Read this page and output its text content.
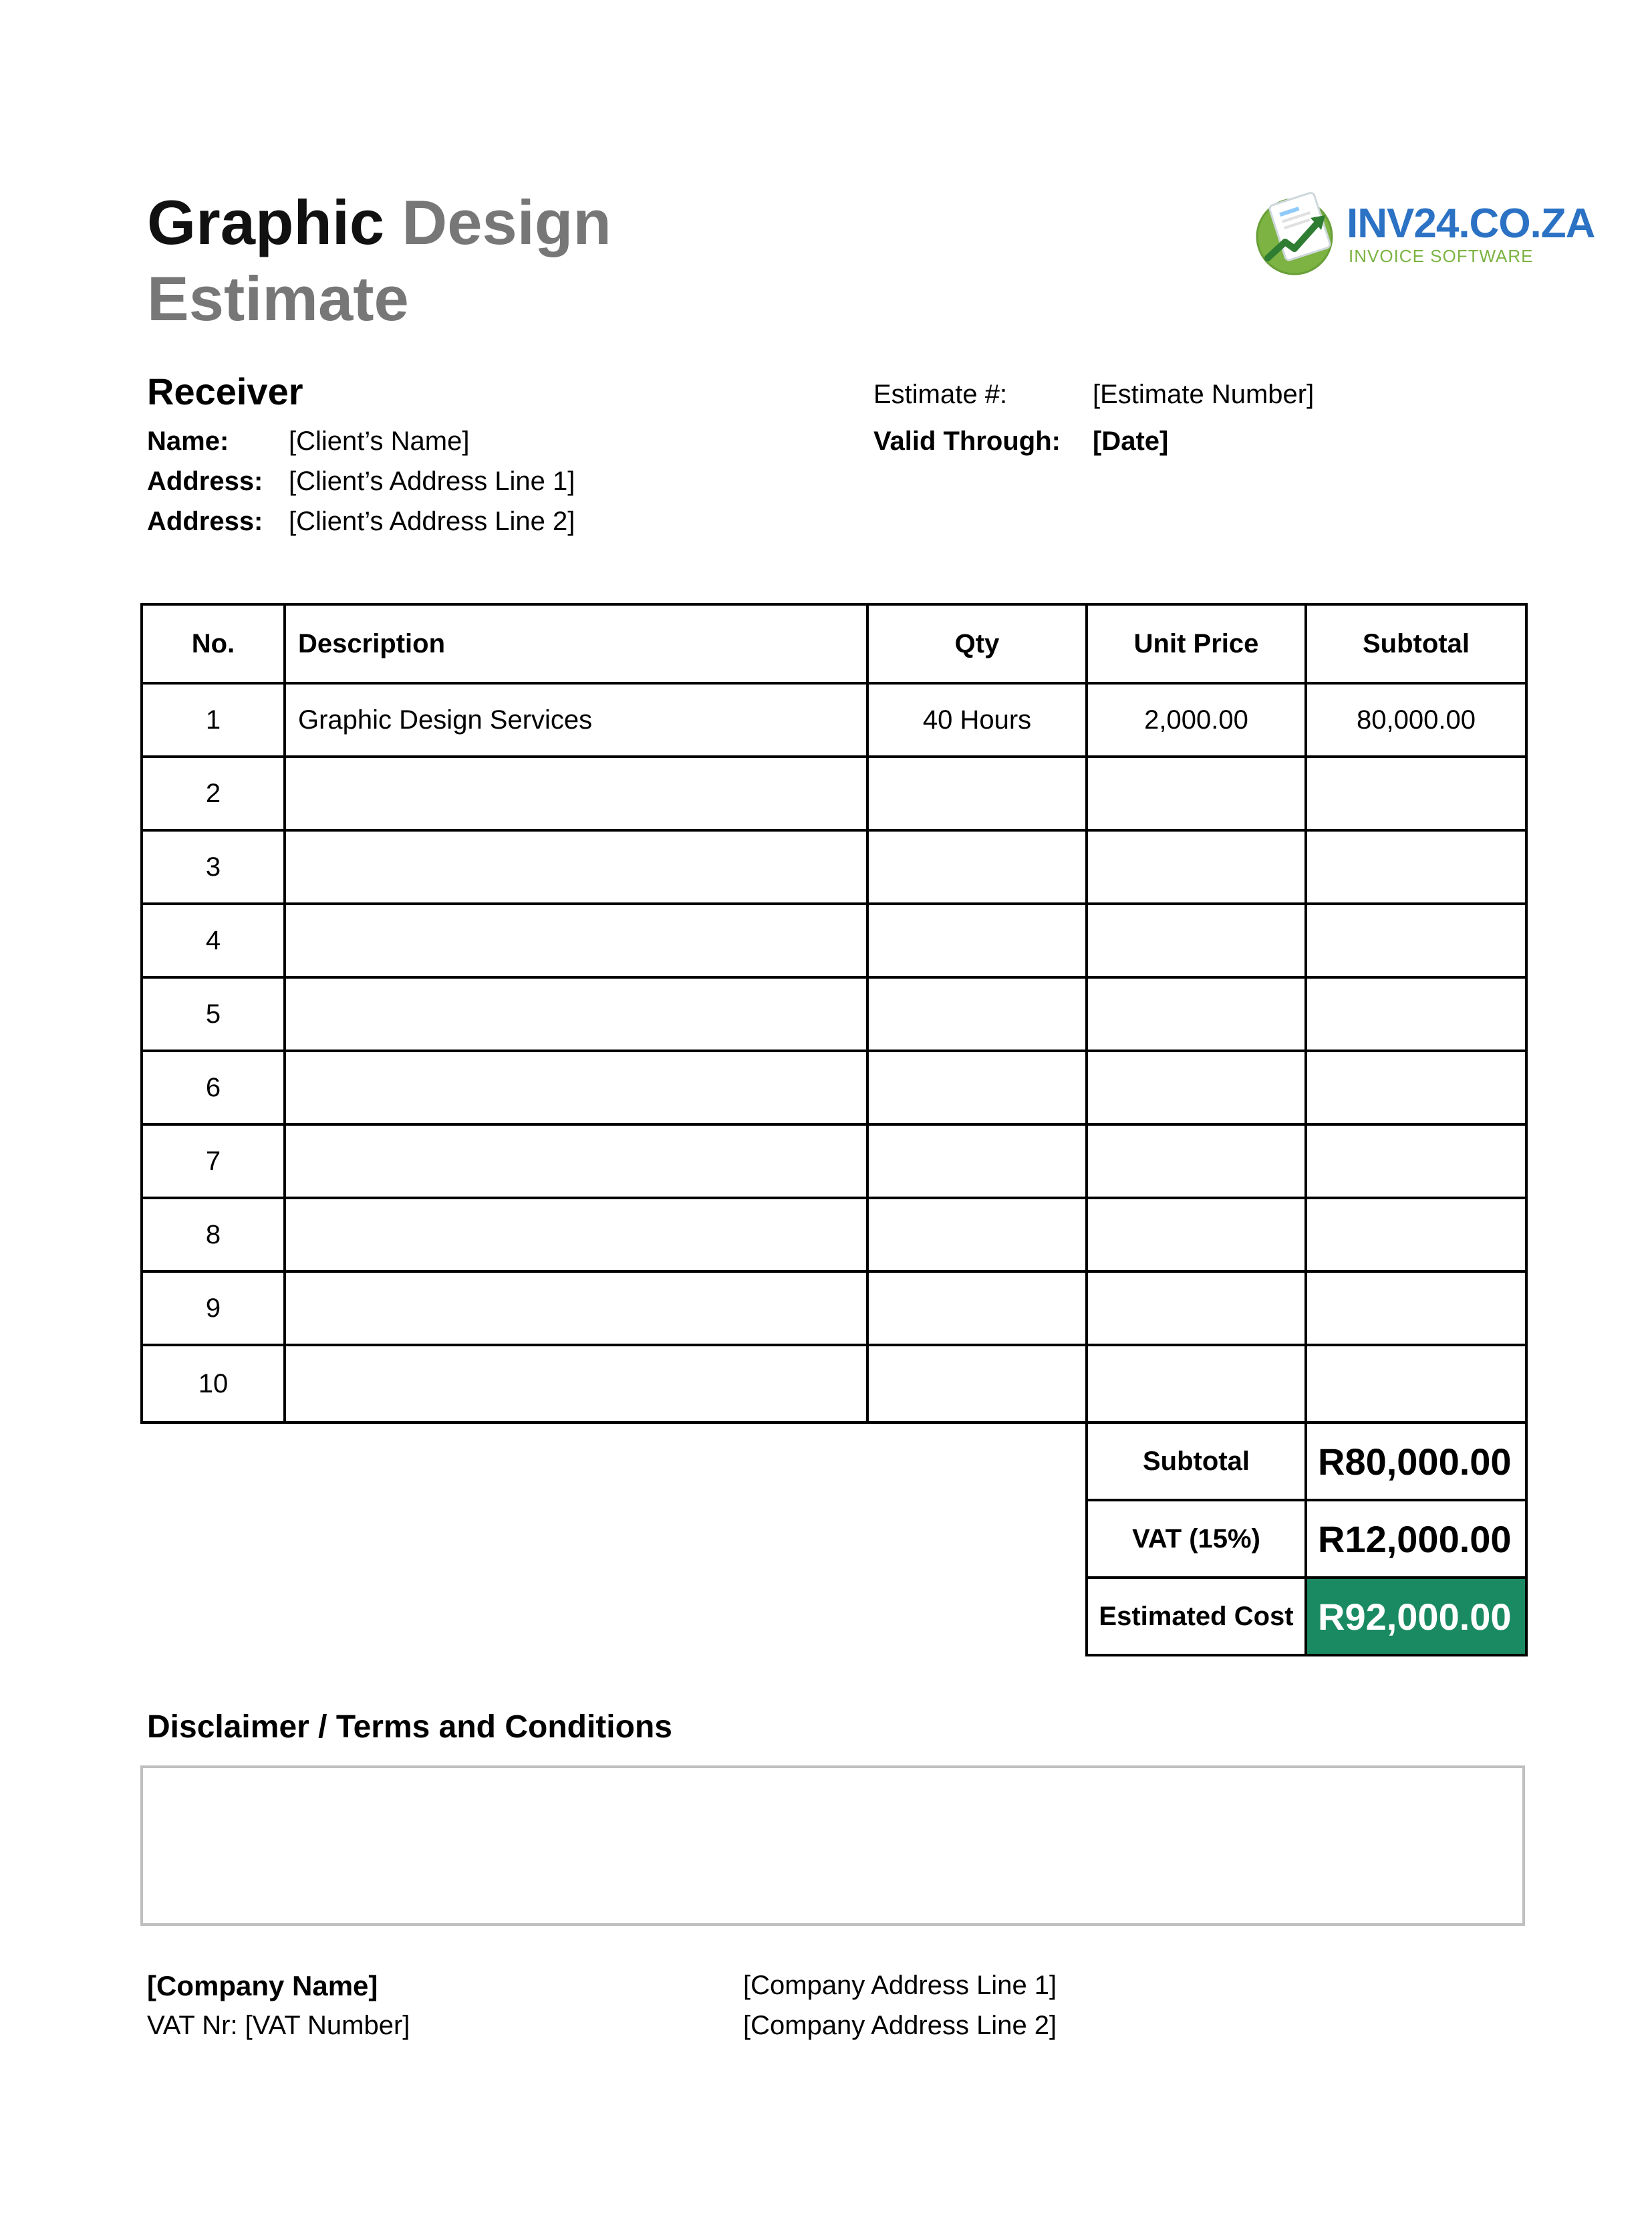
Graphic Design
Estimate
INV24.CO.ZA
INVOICE SOFTWARE
Receiver
Name: [Client’s Name]
Address: [Client’s Address Line 1]
Address: [Client’s Address Line 2]
Estimate #:	[Estimate Number]
Valid Through: [Date]
No.	Description	Qty	Unit Price	Subtotal
1	Graphic Design Services	40 Hours	2,000.00	80,000.00
2				
3				
4				
5				
6				
7				
8				
9				
10				
Subtotal	R80,000.00
VAT (15%)	R12,000.00
Estimated Cost	R92,000.00
Disclaimer / Terms and Conditions
[Company Name]
VAT Nr: [VAT Number]
[Company Address Line 1]
[Company Address Line 2]
